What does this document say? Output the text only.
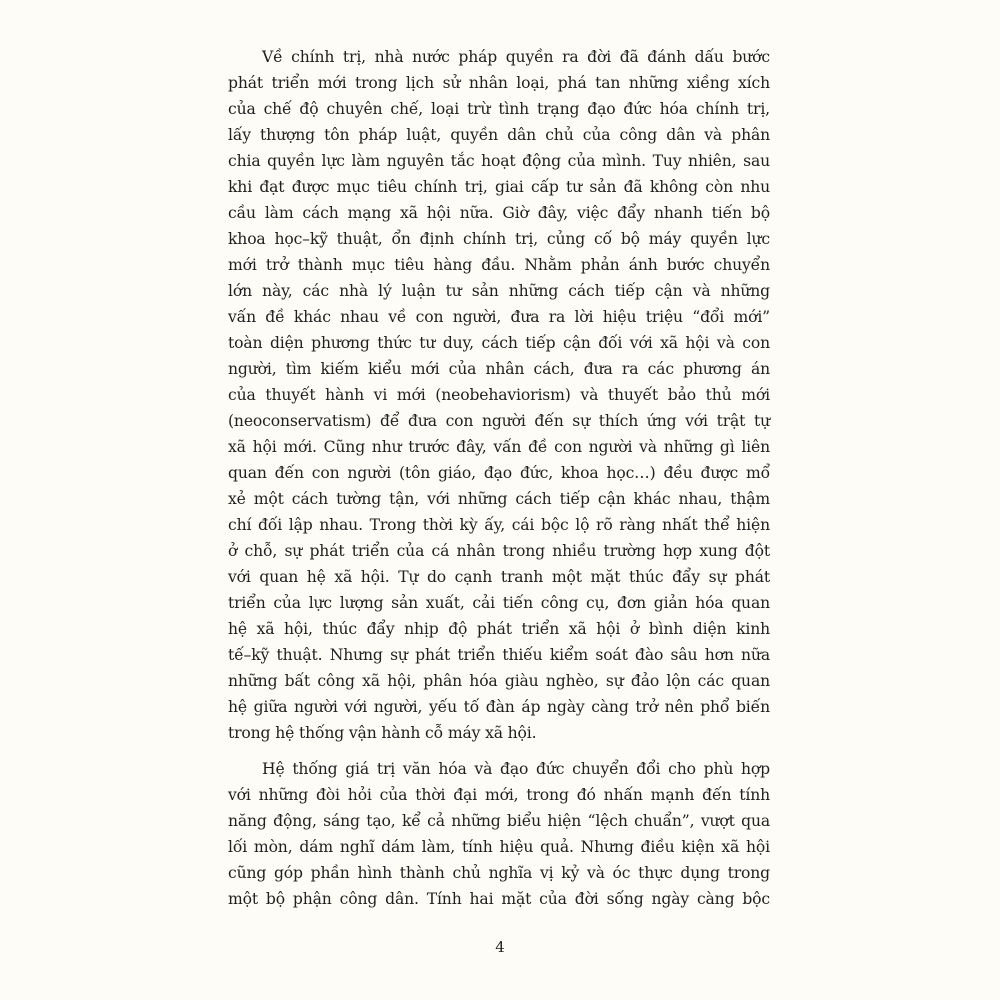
Về chính trị, nhà nước pháp quyền ra đời đã đánh dấu bước
phát triển mới trong lịch sử nhân loại, phá tan những xiềng xích
của chế độ chuyên chế, loại trừ tình trạng đạo đức hóa chính trị,
lấy thượng tôn pháp luật, quyền dân chủ của công dân và phân
chia quyền lực làm nguyên tắc hoạt động của mình. Tuy nhiên, sau
khi đạt được mục tiêu chính trị, giai cấp tư sản đã không còn nhu
cầu làm cách mạng xã hội nữa. Giờ đây, việc đẩy nhanh tiến bộ
khoa học–kỹ thuật, ổn định chính trị, củng cố bộ máy quyền lực
mới trở thành mục tiêu hàng đầu. Nhằm phản ánh bước chuyển
lớn này, các nhà lý luận tư sản những cách tiếp cận và những
vấn đề khác nhau về con người, đưa ra lời hiệu triệu “đổi mới”
toàn diện phương thức tư duy, cách tiếp cận đối với xã hội và con
người, tìm kiếm kiểu mới của nhân cách, đưa ra các phương án
của thuyết hành vi mới (neobehaviorism) và thuyết bảo thủ mới
(neoconservatism) để đưa con người đến sự thích ứng với trật tự
xã hội mới. Cũng như trước đây, vấn đề con người và những gì liên
quan đến con người (tôn giáo, đạo đức, khoa học…) đều được mổ
xẻ một cách tường tận, với những cách tiếp cận khác nhau, thậm
chí đối lập nhau. Trong thời kỳ ấy, cái bộc lộ rõ ràng nhất thể hiện
ở chỗ, sự phát triển của cá nhân trong nhiều trường hợp xung đột
với quan hệ xã hội. Tự do cạnh tranh một mặt thúc đẩy sự phát
triển của lực lượng sản xuất, cải tiến công cụ, đơn giản hóa quan
hệ xã hội, thúc đẩy nhịp độ phát triển xã hội ở bình diện kinh
tế–kỹ thuật. Nhưng sự phát triển thiếu kiểm soát đào sâu hơn nữa
những bất công xã hội, phân hóa giàu nghèo, sự đảo lộn các quan
hệ giữa người với người, yếu tố đàn áp ngày càng trở nên phổ biến
trong hệ thống vận hành cỗ máy xã hội.
Hệ thống giá trị văn hóa và đạo đức chuyển đổi cho phù hợp
với những đòi hỏi của thời đại mới, trong đó nhấn mạnh đến tính
năng động, sáng tạo, kể cả những biểu hiện “lệch chuẩn”, vượt qua
lối mòn, dám nghĩ dám làm, tính hiệu quả. Nhưng điều kiện xã hội
cũng góp phần hình thành chủ nghĩa vị kỷ và óc thực dụng trong
một bộ phận công dân. Tính hai mặt của đời sống ngày càng bộc
4
